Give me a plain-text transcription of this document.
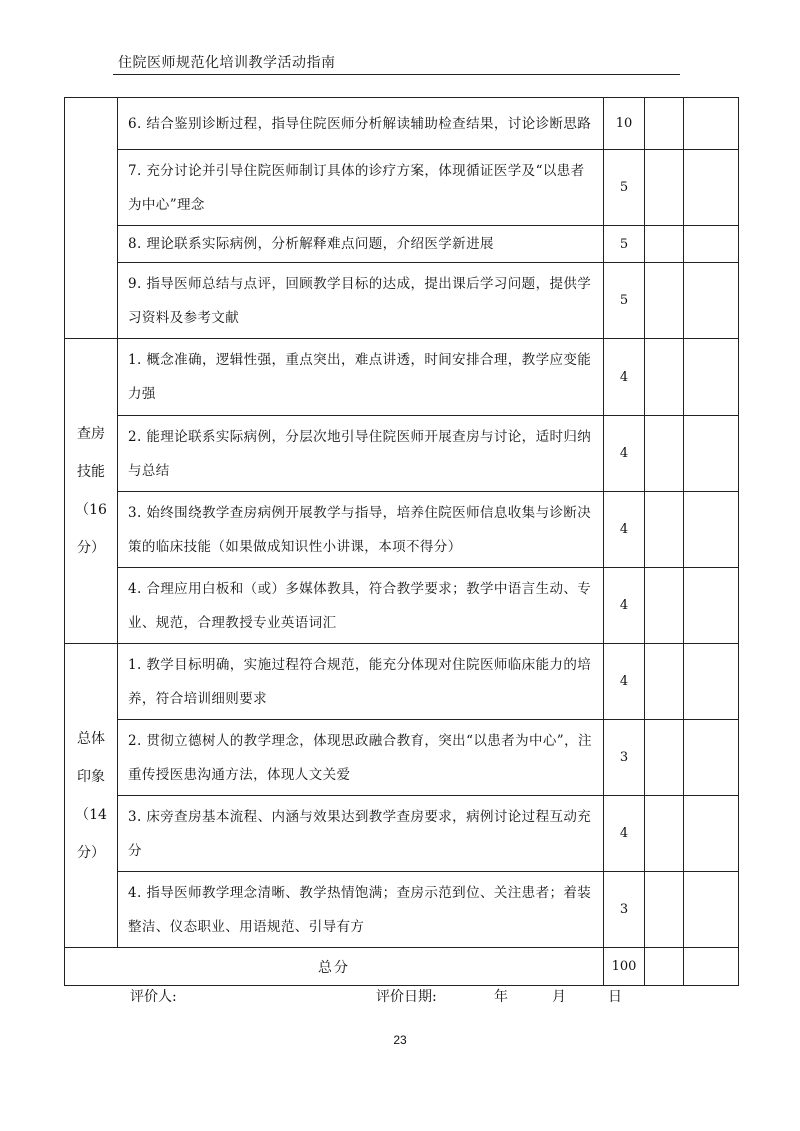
住院医师规范化培训教学活动指南
	6. 结合鉴别诊断过程，指导住院医师分析解读辅助检查结果，讨论诊断思路	10		
	7. 充分讨论并引导住院医师制订具体的诊疗方案，体现循证医学及“以患者为中心”理念	5		
	8. 理论联系实际病例，分析解释难点问题，介绍医学新进展	5		
	9. 指导医师总结与点评，回顾教学目标的达成，提出课后学习问题，提供学习资料及参考文献	5		
查房技能（16分）	1. 概念准确，逻辑性强，重点突出，难点讲透，时间安排合理，教学应变能力强	4		
	2. 能理论联系实际病例，分层次地引导住院医师开展查房与讨论，适时归纳与总结	4		
	3. 始终围绕教学查房病例开展教学与指导，培养住院医师信息收集与诊断决策的临床技能（如果做成知识性小讲课，本项不得分）	4		
	4. 合理应用白板和（或）多媒体教具，符合教学要求；教学中语言生动、专业、规范，合理教授专业英语词汇	4		
总体印象（14分）	1. 教学目标明确，实施过程符合规范，能充分体现对住院医师临床能力的培养，符合培训细则要求	4		
	2. 贯彻立德树人的教学理念，体现思政融合教育，突出“以患者为中心”，注重传授医患沟通方法，体现人文关爱	3		
	3. 床旁查房基本流程、内涵与效果达到教学查房要求，病例讨论过程互动充分	4		
	4. 指导医师教学理念清晰、教学热情饱满；查房示范到位、关注患者；着装整洁、仪态职业、用语规范、引导有方	3		
总分		100		
评价人:	评价日期:	年	月	日
23
